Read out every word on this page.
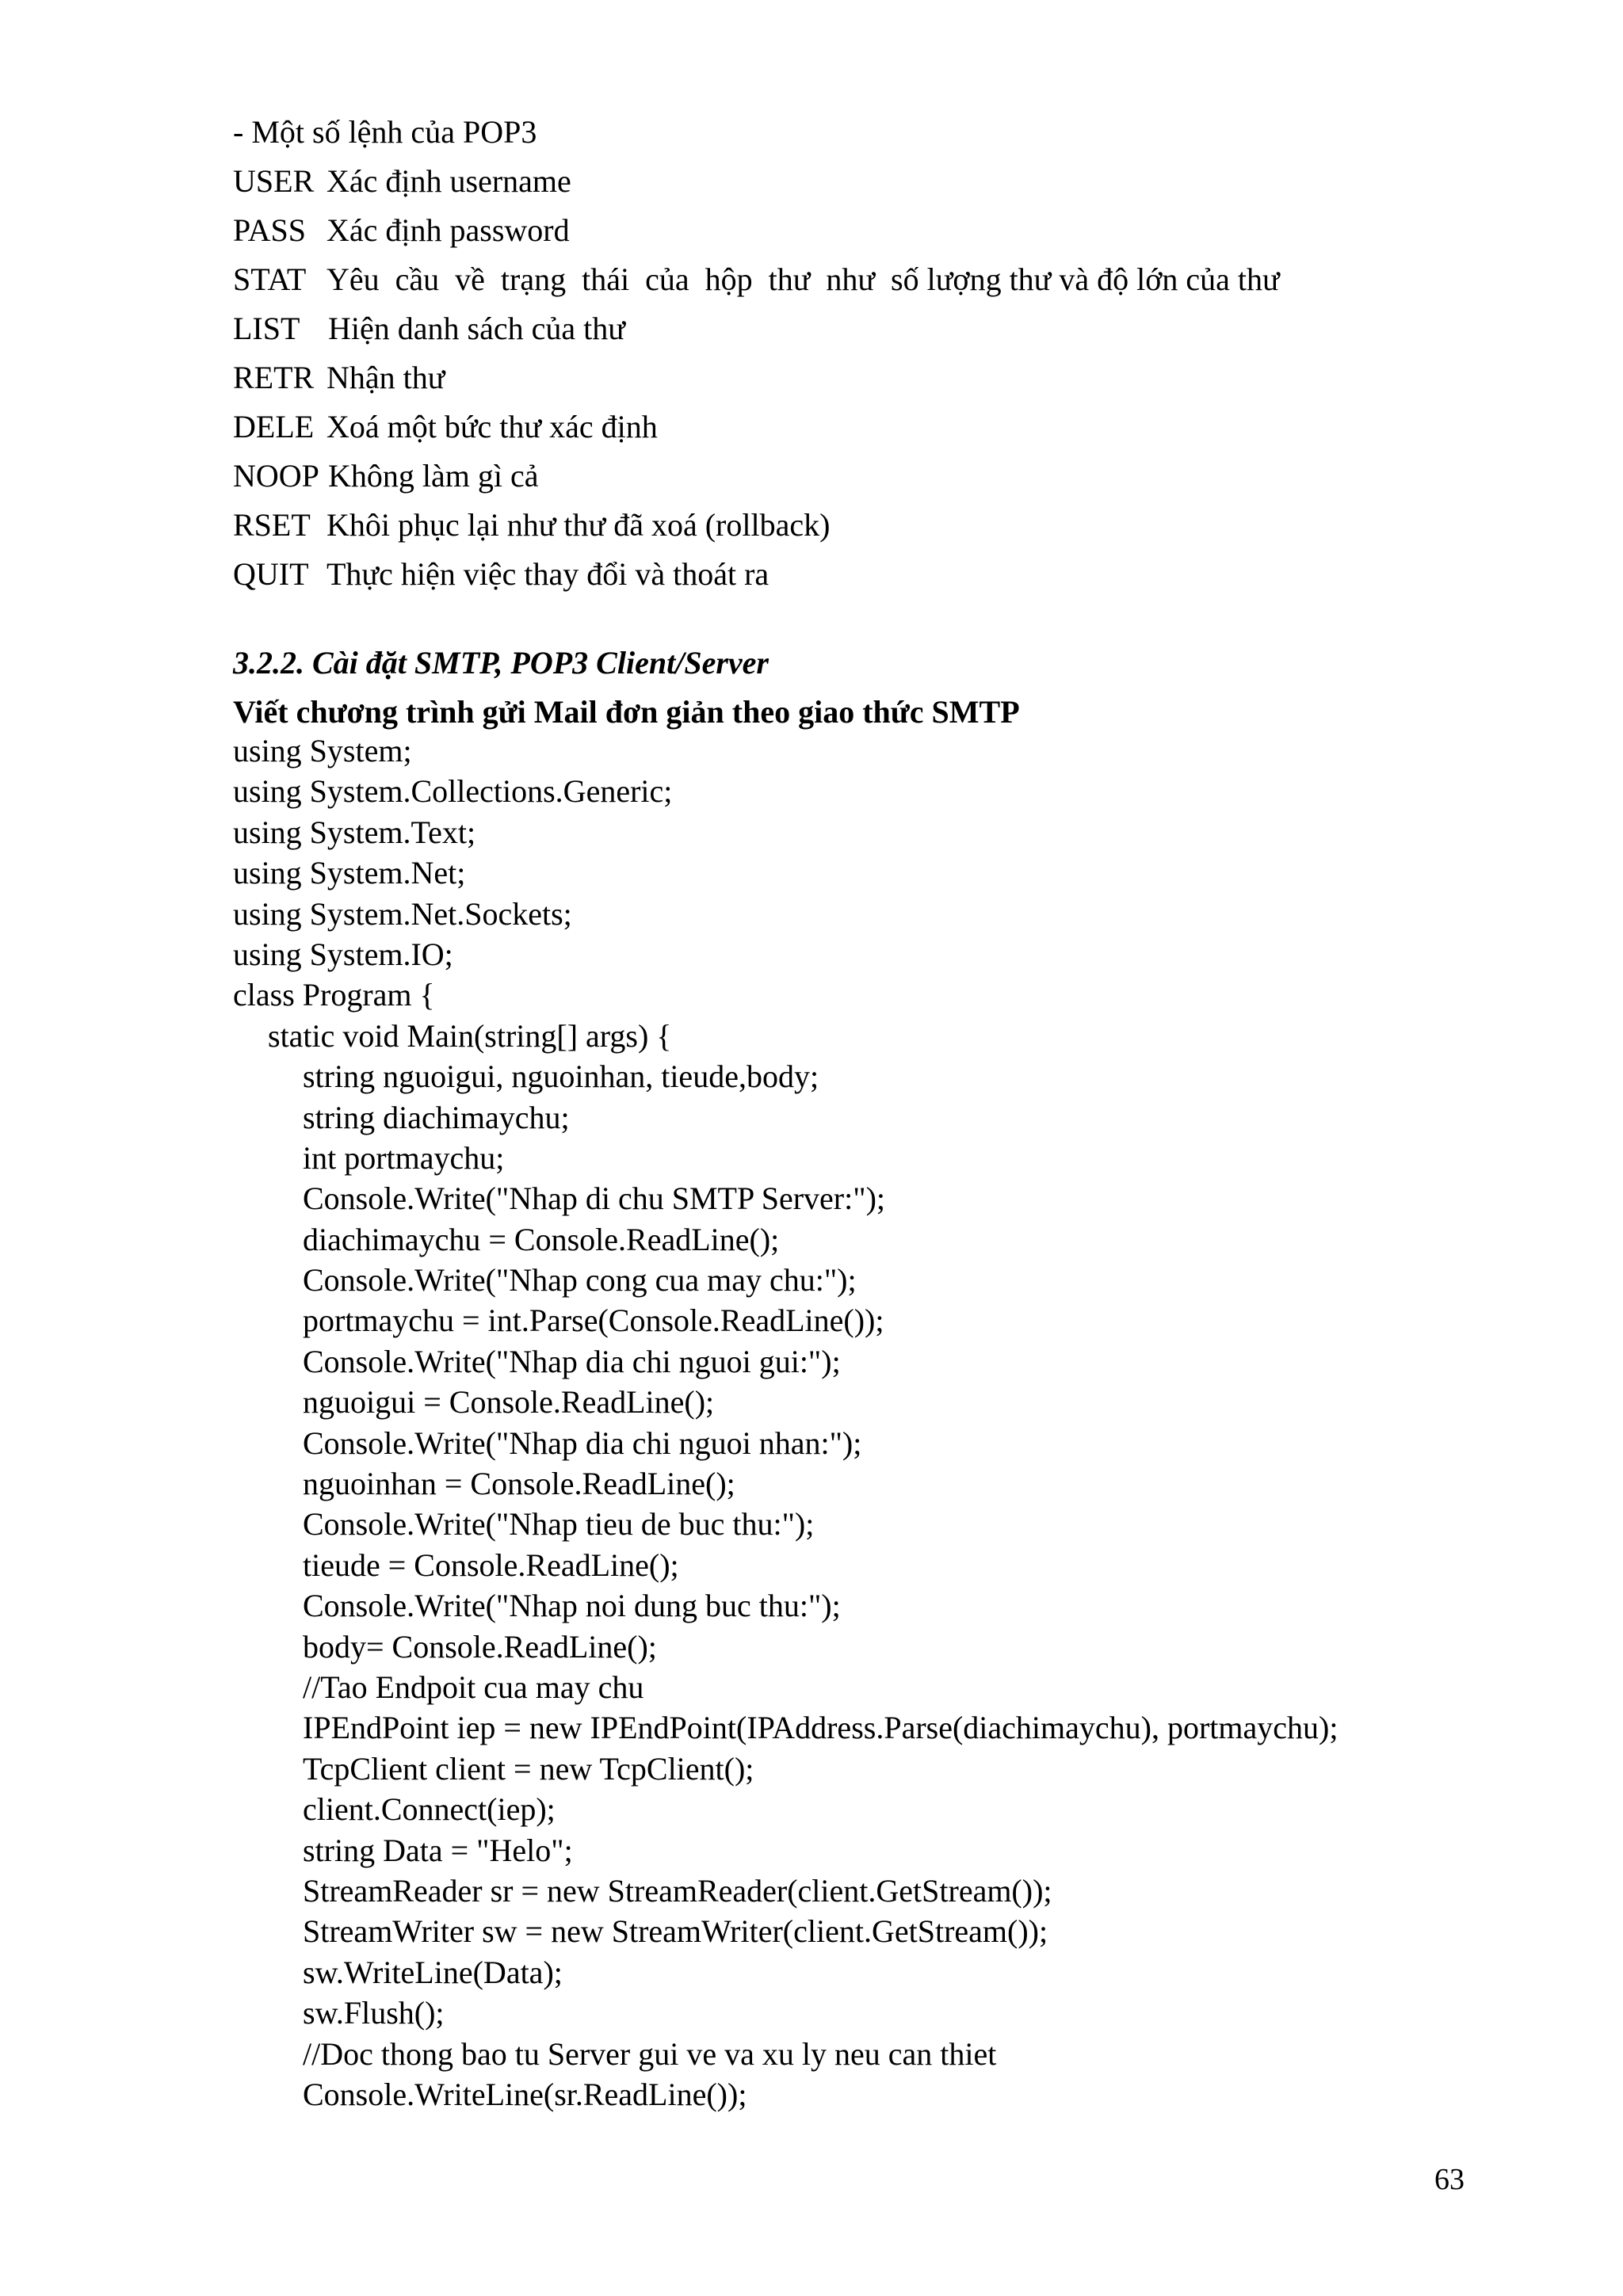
- Một số lệnh của POP3
USER Xác định username
PASS Xác định password
STAT Yêu  cầu  về  trạng  thái  của  hộp  thư  như  số lượng thư và độ lớn của thư
LIST Hiện danh sách của thư
RETR Nhận thư
DELE Xoá một bức thư xác định
NOOP Không làm gì cả
RSET Khôi phục lại như thư đã xoá (rollback)
QUIT Thực hiện việc thay đổi và thoát ra
3.2.2. Cài đặt SMTP, POP3 Client/Server
Viết chương trình gửi Mail đơn giản theo giao thức SMTP
using System;
using System.Collections.Generic;
using System.Text;
using System.Net;
using System.Net.Sockets;
using System.IO;
class Program {
static void Main(string[] args) {
string nguoigui, nguoinhan, tieude,body;
string diachimaychu;
int portmaychu;
Console.Write("Nhap di chu SMTP Server:");
diachimaychu = Console.ReadLine();
Console.Write("Nhap cong cua may chu:");
portmaychu = int.Parse(Console.ReadLine());
Console.Write("Nhap dia chi nguoi gui:");
nguoigui = Console.ReadLine();
Console.Write("Nhap dia chi nguoi nhan:");
nguoinhan = Console.ReadLine();
Console.Write("Nhap tieu de buc thu:");
tieude = Console.ReadLine();
Console.Write("Nhap noi dung buc thu:");
body= Console.ReadLine();
//Tao Endpoit cua may chu
IPEndPoint iep = new IPEndPoint(IPAddress.Parse(diachimaychu), portmaychu);
TcpClient client = new TcpClient();
client.Connect(iep);
string Data = "Helo";
StreamReader sr = new StreamReader(client.GetStream());
StreamWriter sw = new StreamWriter(client.GetStream());
sw.WriteLine(Data);
sw.Flush();
//Doc thong bao tu Server gui ve va xu ly neu can thiet
Console.WriteLine(sr.ReadLine());
63
